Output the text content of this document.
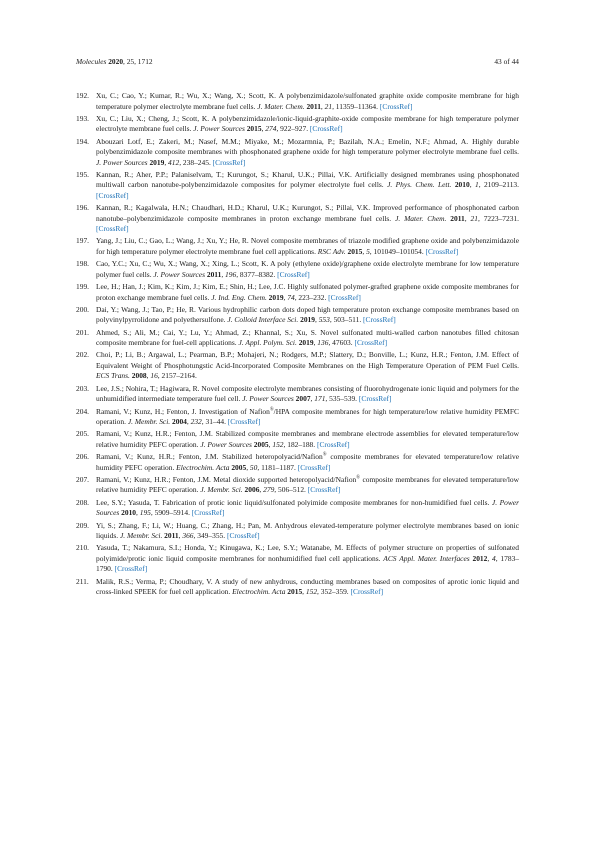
Molecules 2020, 25, 1712	43 of 44
192. Xu, C.; Cao, Y.; Kumar, R.; Wu, X.; Wang, X.; Scott, K. A polybenzimidazole/sulfonated graphite oxide composite membrane for high temperature polymer electrolyte membrane fuel cells. J. Mater. Chem. 2011, 21, 11359–11364. [CrossRef]
193. Xu, C.; Liu, X.; Cheng, J.; Scott, K. A polybenzimidazole/ionic-liquid-graphite-oxide composite membrane for high temperature polymer electrolyte membrane fuel cells. J. Power Sources 2015, 274, 922–927. [CrossRef]
194. Abouzari Lotf, E.; Zakeri, M.; Nasef, M.M.; Miyake, M.; Mozarmnia, P.; Bazilah, N.A.; Emelin, N.F.; Ahmad, A. Highly durable polybenzimidazole composite membranes with phosphonated graphene oxide for high temperature polymer electrolyte membrane fuel cells. J. Power Sources 2019, 412, 238–245. [CrossRef]
195. Kannan, R.; Aher, P.P.; Palaniselvam, T.; Kurungot, S.; Kharul, U.K.; Pillai, V.K. Artificially designed membranes using phosphonated multiwall carbon nanotube-polybenzimidazole composites for polymer electrolyte fuel cells. J. Phys. Chem. Lett. 2010, 1, 2109–2113. [CrossRef]
196. Kannan, R.; Kagalwala, H.N.; Chaudhari, H.D.; Kharul, U.K.; Kurungot, S.; Pillai, V.K. Improved performance of phosphonated carbon nanotube–polybenzimidazole composite membranes in proton exchange membrane fuel cells. J. Mater. Chem. 2011, 21, 7223–7231. [CrossRef]
197. Yang, J.; Liu, C.; Gao, L.; Wang, J.; Xu, Y.; He, R. Novel composite membranes of triazole modified graphene oxide and polybenzimidazole for high temperature polymer electrolyte membrane fuel cell applications. RSC Adv. 2015, 5, 101049–101054. [CrossRef]
198. Cao, Y.C.; Xu, C.; Wu, X.; Wang, X.; Xing, L.; Scott, K. A poly (ethylene oxide)/graphene oxide electrolyte membrane for low temperature polymer fuel cells. J. Power Sources 2011, 196, 8377–8382. [CrossRef]
199. Lee, H.; Han, J.; Kim, K.; Kim, J.; Kim, E.; Shin, H.; Lee, J.C. Highly sulfonated polymer-grafted graphene oxide composite membranes for proton exchange membrane fuel cells. J. Ind. Eng. Chem. 2019, 74, 223–232. [CrossRef]
200. Dai, Y.; Wang, J.; Tao, P.; He, R. Various hydrophilic carbon dots doped high temperature proton exchange composite membranes based on polyvinylpyrrolidone and polyethersulfone. J. Colloid Interface Sci. 2019, 553, 503–511. [CrossRef]
201. Ahmed, S.; Ali, M.; Cai, Y.; Lu, Y.; Ahmad, Z.; Khannal, S.; Xu, S. Novel sulfonated multi-walled carbon nanotubes filled chitosan composite membrane for fuel-cell applications. J. Appl. Polym. Sci. 2019, 136, 47603. [CrossRef]
202. Choi, P.; Li, B.; Argawal, L.; Pearman, B.P.; Mohajeri, N.; Rodgers, M.P.; Slattery, D.; Bonville, L.; Kunz, H.R.; Fenton, J.M. Effect of Equivalent Weight of Phosphotungstic Acid-Incorporated Composite Membranes on the High Temperature Operation of PEM Fuel Cells. ECS Trans. 2008, 16, 2157–2164.
203. Lee, J.S.; Nohira, T.; Hagiwara, R. Novel composite electrolyte membranes consisting of fluorohydrogenate ionic liquid and polymers for the unhumidified intermediate temperature fuel cell. J. Power Sources 2007, 171, 535–539. [CrossRef]
204. Ramani, V.; Kunz, H.; Fenton, J. Investigation of Nafion®/HPA composite membranes for high temperature/low relative humidity PEMFC operation. J. Membr. Sci. 2004, 232, 31–44. [CrossRef]
205. Ramani, V.; Kunz, H.R.; Fenton, J.M. Stabilized composite membranes and membrane electrode assemblies for elevated temperature/low relative humidity PEFC operation. J. Power Sources 2005, 152, 182–188. [CrossRef]
206. Ramani, V.; Kunz, H.R.; Fenton, J.M. Stabilized heteropolyacid/Nafion® composite membranes for elevated temperature/low relative humidity PEFC operation. Electrochim. Acta 2005, 50, 1181–1187. [CrossRef]
207. Ramani, V.; Kunz, H.R.; Fenton, J.M. Metal dioxide supported heteropolyacid/Nafion® composite membranes for elevated temperature/low relative humidity PEFC operation. J. Membr. Sci. 2006, 279, 506–512. [CrossRef]
208. Lee, S.Y.; Yasuda, T. Fabrication of protic ionic liquid/sulfonated polyimide composite membranes for non-humidified fuel cells. J. Power Sources 2010, 195, 5909–5914. [CrossRef]
209. Yi, S.; Zhang, F.; Li, W.; Huang, C.; Zhang, H.; Pan, M. Anhydrous elevated-temperature polymer electrolyte membranes based on ionic liquids. J. Membr. Sci. 2011, 366, 349–355. [CrossRef]
210. Yasuda, T.; Nakamura, S.I.; Honda, Y.; Kinugawa, K.; Lee, S.Y.; Watanabe, M. Effects of polymer structure on properties of sulfonated polyimide/protic ionic liquid composite membranes for nonhumidified fuel cell applications. ACS Appl. Mater. Interfaces 2012, 4, 1783–1790. [CrossRef]
211. Malik, R.S.; Verma, P.; Choudhary, V. A study of new anhydrous, conducting membranes based on composites of aprotic ionic liquid and cross-linked SPEEK for fuel cell application. Electrochim. Acta 2015, 152, 352–359. [CrossRef]
